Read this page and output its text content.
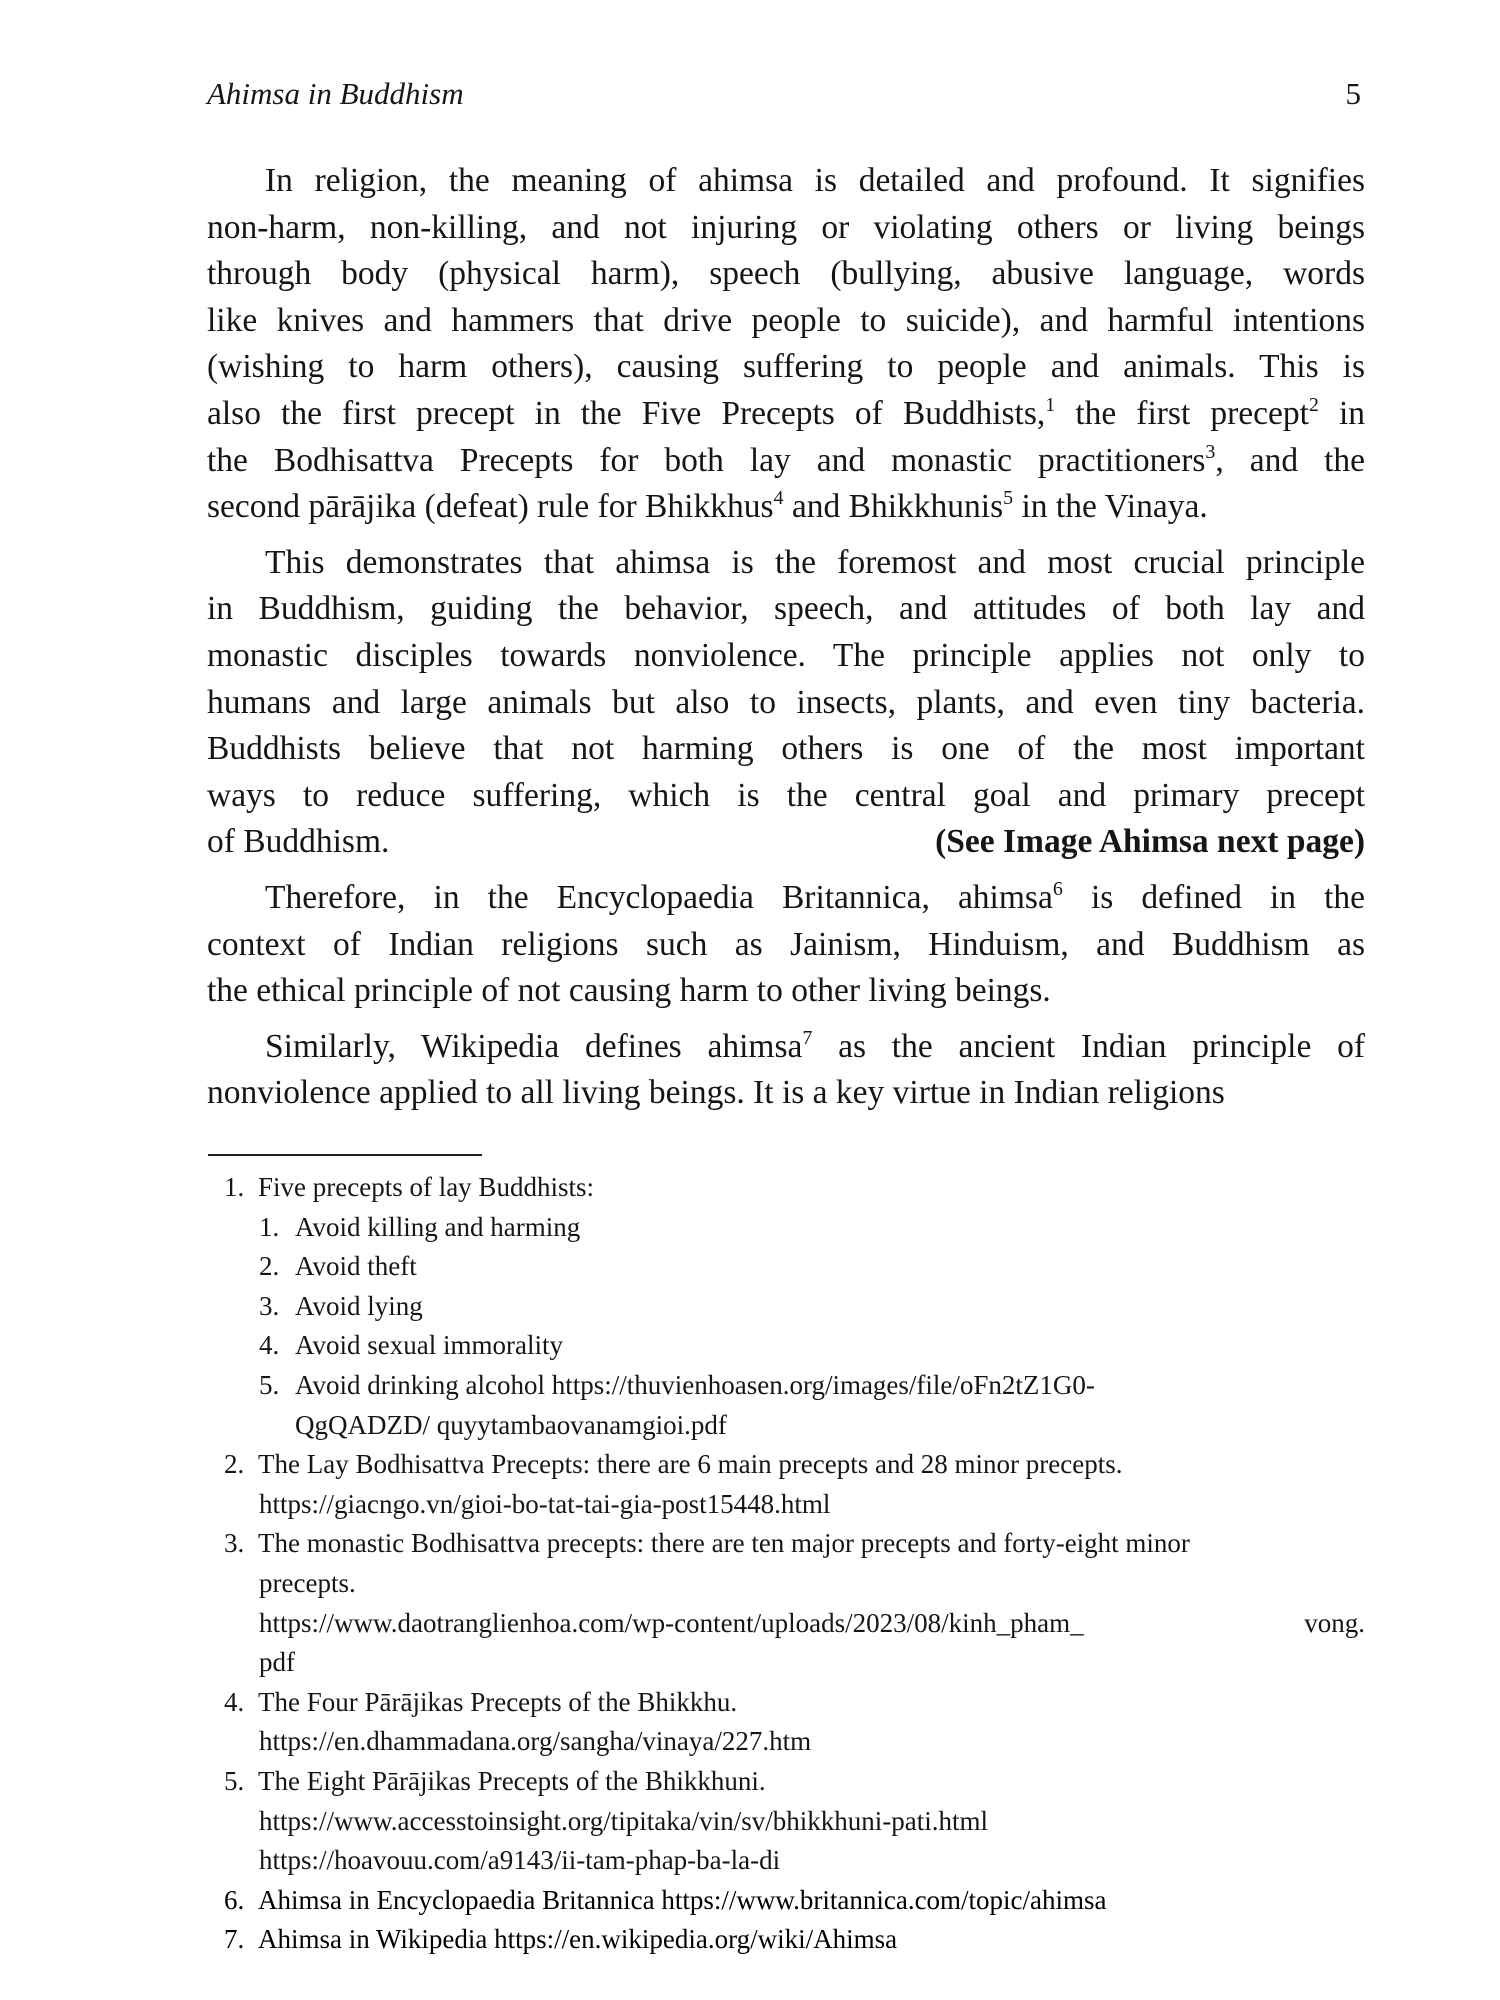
Ahimsa in Buddhism	5
In religion, the meaning of ahimsa is detailed and profound. It signifies
non-harm, non-killing, and not injuring or violating others or living beings
through body (physical harm), speech (bullying, abusive language, words
like knives and hammers that drive people to suicide), and harmful intentions
(wishing to harm others), causing suffering to people and animals. This is
also the first precept in the Five Precepts of Buddhists,$^1$ the first precept$^2$ in
the Bodhisattva Precepts for both lay and monastic practitioners$^3$, and the
second pārājika (defeat) rule for Bhikkhus$^4$ and Bhikkhunis$^5$ in the Vinaya.
This demonstrates that ahimsa is the foremost and most crucial principle
in Buddhism, guiding the behavior, speech, and attitudes of both lay and
monastic disciples towards nonviolence. The principle applies not only to
humans and large animals but also to insects, plants, and even tiny bacteria.
Buddhists believe that not harming others is one of the most important
ways to reduce suffering, which is the central goal and primary precept
of Buddhism.	(See Image Ahimsa next page)
Therefore, in the Encyclopaedia Britannica, ahimsa$^6$ is defined in the
context of Indian religions such as Jainism, Hinduism, and Buddhism as
the ethical principle of not causing harm to other living beings.
Similarly, Wikipedia defines ahimsa$^7$ as the ancient Indian principle of
nonviolence applied to all living beings. It is a key virtue in Indian religions
1. Five precepts of lay Buddhists:
1. Avoid killing and harming
2. Avoid theft
3. Avoid lying
4. Avoid sexual immorality
5. Avoid drinking alcohol https://thuvienhoasen.org/images/file/oFn2tZ1G0-
QgQADZD/ quyytambaovanamgioi.pdf
2. The Lay Bodhisattva Precepts: there are 6 main precepts and 28 minor precepts.
https://giacngo.vn/gioi-bo-tat-tai-gia-post15448.html
3. The monastic Bodhisattva precepts: there are ten major precepts and forty-eight minor
precepts.
https://www.daotranglienhoa.com/wp-content/uploads/2023/08/kinh_pham_	vong.
pdf
4. The Four Pārājikas Precepts of the Bhikkhu.
https://en.dhammadana.org/sangha/vinaya/227.htm
5. The Eight Pārājikas Precepts of the Bhikkhuni.
https://www.accesstoinsight.org/tipitaka/vin/sv/bhikkhuni-pati.html
https://hoavouu.com/a9143/ii-tam-phap-ba-la-di
6. Ahimsa in Encyclopaedia Britannica https://www.britannica.com/topic/ahimsa
7. Ahimsa in Wikipedia https://en.wikipedia.org/wiki/Ahimsa
